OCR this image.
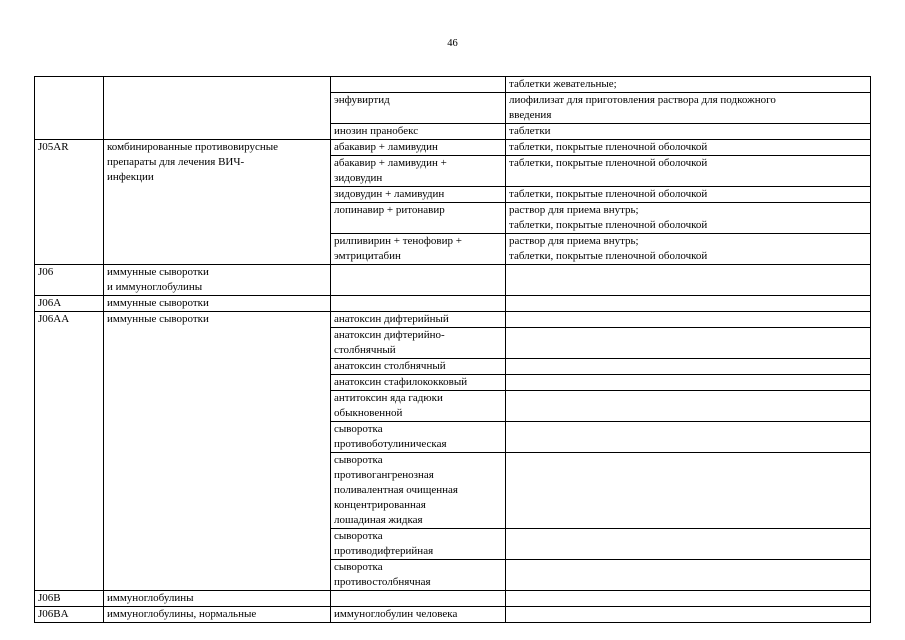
46

			таблетки жевательные;

		энфувиртид	лиофилизат для приготовления раствора для подкожного
введения

		инозин пранобекс	таблетки

J05AR	комбинированные противовирусные
препараты для лечения ВИЧ-
инфекции	абакавир + ламивудин	таблетки, покрытые пленочной оболочкой

		абакавир + ламивудин +
зидовудин	таблетки, покрытые пленочной оболочкой

		зидовудин + ламивудин	таблетки, покрытые пленочной оболочкой

		лопинавир + ритонавир	раствор для приема внутрь;
таблетки, покрытые пленочной оболочкой

		рилпивирин + тенофовир +
эмтрицитабин	раствор для приема внутрь;
таблетки, покрытые пленочной оболочкой

J06	иммунные сыворотки
и иммуноглобулины		

J06A	иммунные сыворотки		

J06AA	иммунные сыворотки	анатоксин дифтерийный	

		анатоксин дифтерийно-
столбнячный	

		анатоксин столбнячный	

		анатоксин стафилококковый	

		антитоксин яда гадюки
обыкновенной	

		сыворотка
противоботулиническая	

		сыворотка
противогангренозная
поливалентная очищенная
концентрированная
лошадиная жидкая	

		сыворотка
противодифтерийная	

		сыворотка
противостолбнячная	

J06B	иммуноглобулины		

J06BA	иммуноглобулины, нормальные	иммуноглобулин человека	
